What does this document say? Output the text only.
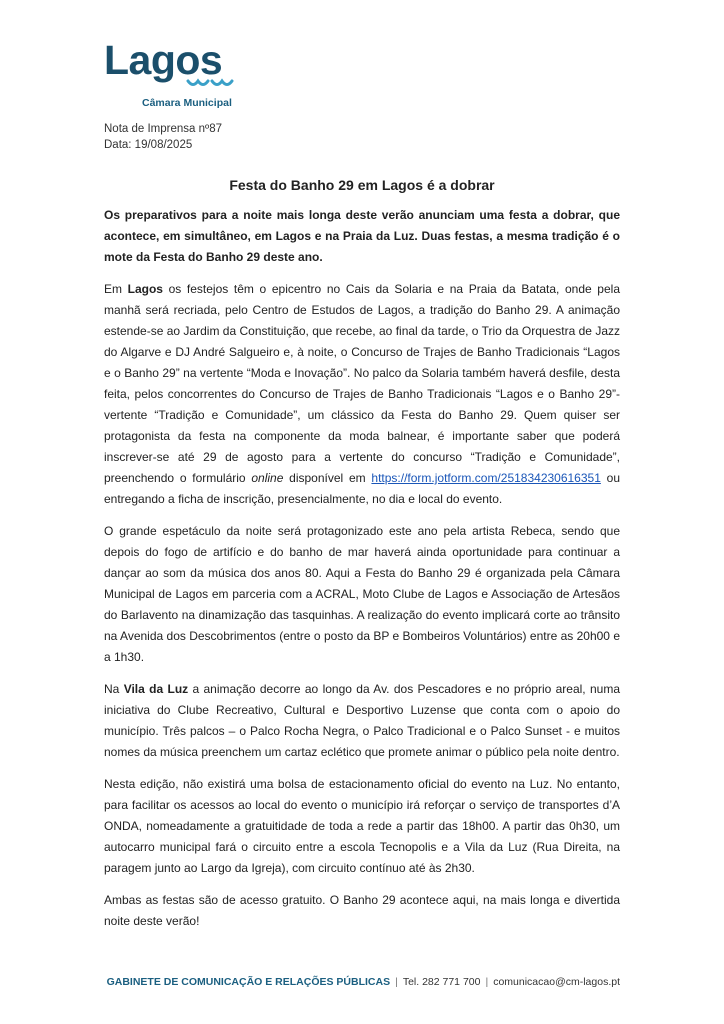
Lagos
Câmara Municipal
Nota de Imprensa nº87
Data: 19/08/2025
Festa do Banho 29 em Lagos é a dobrar

Os preparativos para a noite mais longa deste verão anunciam uma festa a dobrar, que acontece, em simultâneo, em Lagos e na Praia da Luz. Duas festas, a mesma tradição é o mote da Festa do Banho 29 deste ano.

Em Lagos os festejos têm o epicentro no Cais da Solaria e na Praia da Batata, onde pela manhã será recriada, pelo Centro de Estudos de Lagos, a tradição do Banho 29. A animação estende-se ao Jardim da Constituição, que recebe, ao final da tarde, o Trio da Orquestra de Jazz do Algarve e DJ André Salgueiro e, à noite, o Concurso de Trajes de Banho Tradicionais “Lagos e o Banho 29” na vertente “Moda e Inovação”. No palco da Solaria também haverá desfile, desta feita, pelos concorrentes do Concurso de Trajes de Banho Tradicionais “Lagos e o Banho 29”- vertente “Tradição e Comunidade”, um clássico da Festa do Banho 29. Quem quiser ser protagonista da festa na componente da moda balnear, é importante saber que poderá inscrever-se até 29 de agosto para a vertente do concurso “Tradição e Comunidade”, preenchendo o formulário online disponível em https://form.jotform.com/251834230616351 ou entregando a ficha de inscrição, presencialmente, no dia e local do evento.

O grande espetáculo da noite será protagonizado este ano pela artista Rebeca, sendo que depois do fogo de artifício e do banho de mar haverá ainda oportunidade para continuar a dançar ao som da música dos anos 80. Aqui a Festa do Banho 29 é organizada pela Câmara Municipal de Lagos em parceria com a ACRAL, Moto Clube de Lagos e Associação de Artesãos do Barlavento na dinamização das tasquinhas. A realização do evento implicará corte ao trânsito na Avenida dos Descobrimentos (entre o posto da BP e Bombeiros Voluntários) entre as 20h00 e a 1h30.

Na Vila da Luz a animação decorre ao longo da Av. dos Pescadores e no próprio areal, numa iniciativa do Clube Recreativo, Cultural e Desportivo Luzense que conta com o apoio do município. Três palcos – o Palco Rocha Negra, o Palco Tradicional e o Palco Sunset - e muitos nomes da música preenchem um cartaz eclético que promete animar o público pela noite dentro.

Nesta edição, não existirá uma bolsa de estacionamento oficial do evento na Luz. No entanto, para facilitar os acessos ao local do evento o município irá reforçar o serviço de transportes d’A ONDA, nomeadamente a gratuitidade de toda a rede a partir das 18h00. A partir das 0h30, um autocarro municipal fará o circuito entre a escola Tecnopolis e a Vila da Luz (Rua Direita, na paragem junto ao Largo da Igreja), com circuito contínuo até às 2h30.

Ambas as festas são de acesso gratuito. O Banho 29 acontece aqui, na mais longa e divertida noite deste verão!

GABINETE DE COMUNICAÇÃO E RELAÇÕES PÚBLICAS | Tel. 282 771 700 | comunicacao@cm-lagos.pt
